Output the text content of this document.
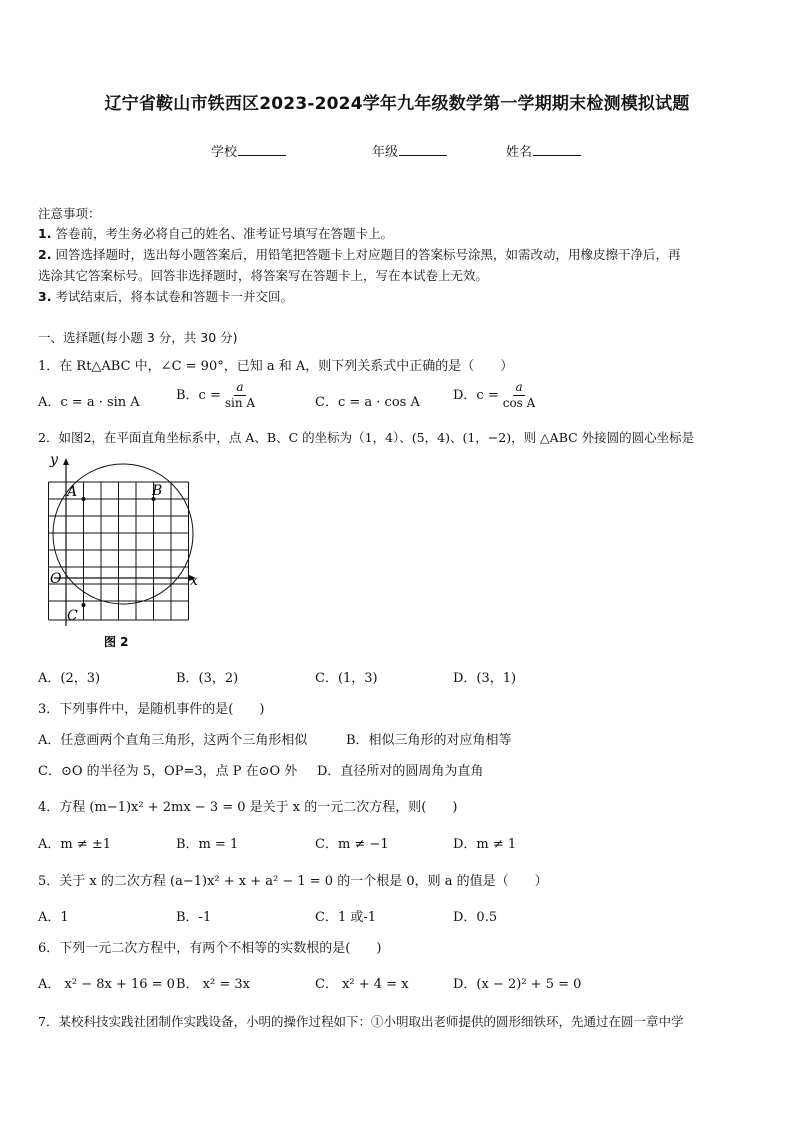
辽宁省鞍山市铁西区2023-2024学年九年级数学第一学期期末检测模拟试题
学校	年级	姓名
注意事项：
1. 答卷前，考生务必将自己的姓名、准考证号填写在答题卡上。
2. 回答选择题时，选出每小题答案后，用铅笔把答题卡上对应题目的答案标号涂黑，如需改动，用橡皮擦干净后，再
选涂其它答案标号。回答非选择题时，将答案写在答题卡上，写在本试卷上无效。
3. 考试结束后，将本试卷和答题卡一并交回。
一、选择题(每小题 3 分，共 30 分)
1．在 Rt△ABC 中，∠C = 90°，已知 a 和 A，则下列关系式中正确的是（　　）
A．c = a · sin A	B．$c = \frac{a}{\text{sin A}}$	C．c = a · cos A	D．$c = \frac{a}{\text{cos A}}$
2．如图2，在平面直角坐标系中，点 A、B、C 的坐标为（1，4）、(5，4)、(1，−2)，则 △ABC 外接圆的圆心坐标是
y
x
O
A	B
C
图 2
A．(2，3)	B．(3，2)	C．(1，3)	D．(3，1)
3．下列事件中，是随机事件的是(　　)
A．任意画两个直角三角形，这两个三角形相似	B．相似三角形的对应角相等
C．⊙O 的半径为 5，OP=3，点 P 在⊙O 外 D．直径所对的圆周角为直角
4．方程 (m−1)x² + 2mx − 3 = 0 是关于 x 的一元二次方程，则(　　)
A．m ≠ ±1	B．m = 1	C．m ≠ −1	D．m ≠ 1
5．关于 x 的二次方程 (a−1)x² + x + a² − 1 = 0 的一个根是 0，则 a 的值是（　　）
A．1	B．-1	C．1 或-1	D．0.5
6．下列一元二次方程中，有两个不相等的实数根的是(　　)
A． x² − 8x + 16 = 0 B． x² = 3x	C． x² + 4 = x	D．(x − 2)² + 5 = 0
7．某校科技实践社团制作实践设备，小明的操作过程如下：①小明取出老师提供的圆形细铁环，先通过在圆一章中学
